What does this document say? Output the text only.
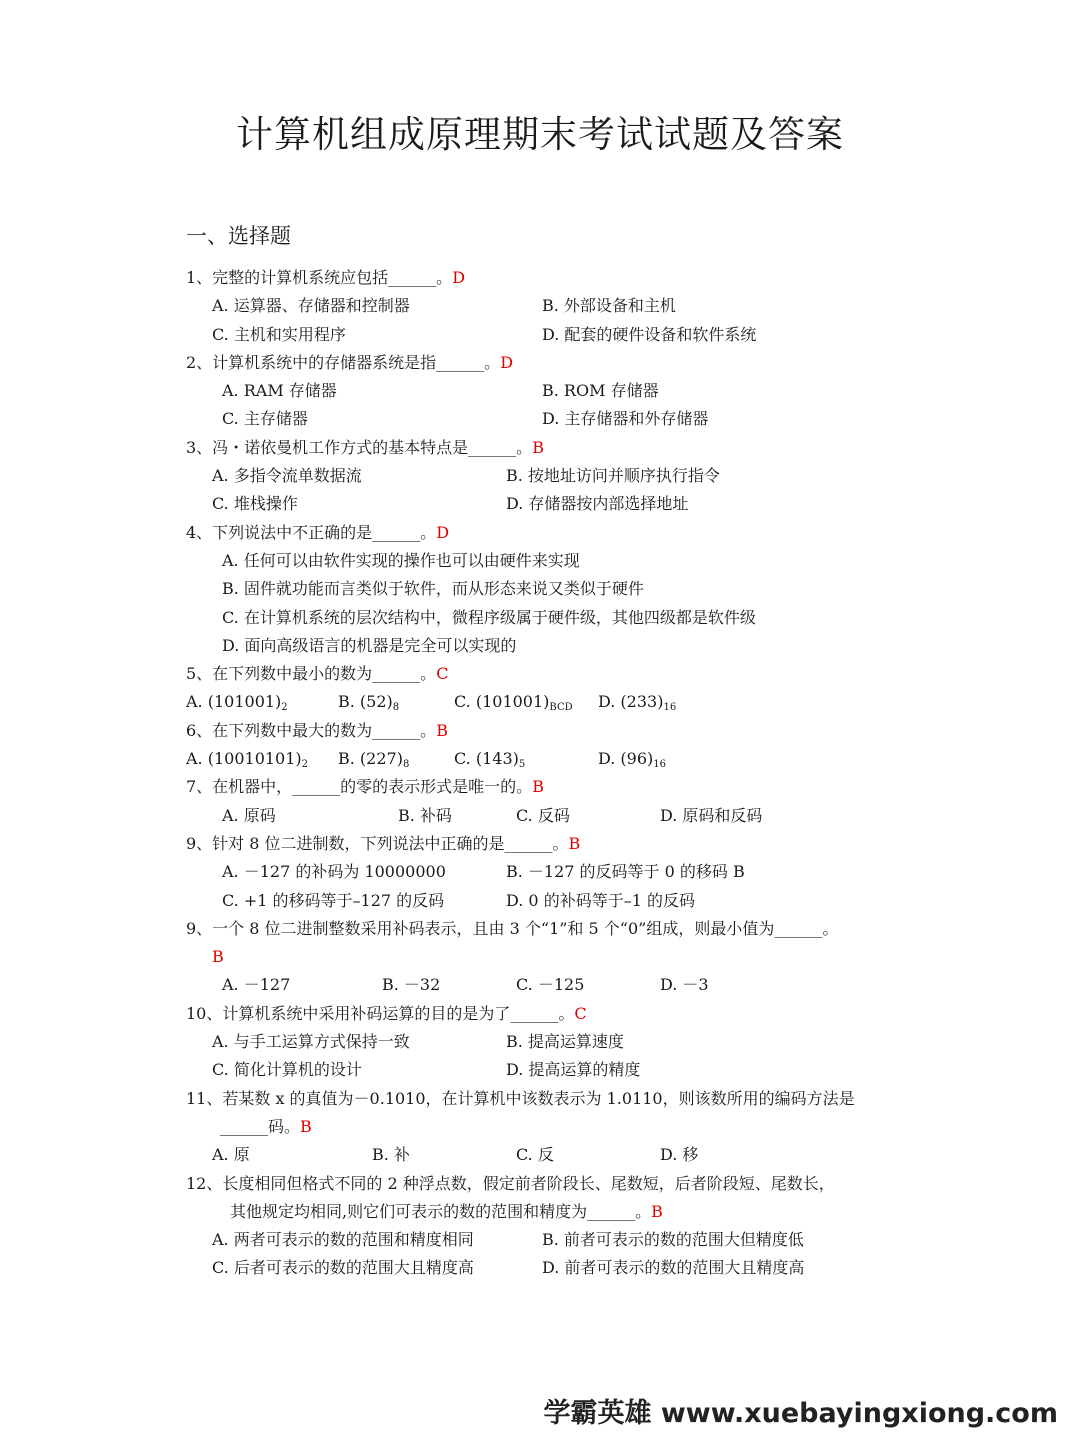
计算机组成原理期末考试试题及答案
一、选择题
1、完整的计算机系统应包括______。D
A. 运算器、存储器和控制器	B. 外部设备和主机
C. 主机和实用程序	D. 配套的硬件设备和软件系统
2、计算机系统中的存储器系统是指______。D
A. RAM 存储器	B. ROM 存储器
C. 主存储器	D. 主存储器和外存储器
3、冯・诺依曼机工作方式的基本特点是______。B
A. 多指令流单数据流	B. 按地址访问并顺序执行指令
C. 堆栈操作	D. 存储器按内部选择地址
4、下列说法中不正确的是______。D
A. 任何可以由软件实现的操作也可以由硬件来实现
B. 固件就功能而言类似于软件，而从形态来说又类似于硬件
C. 在计算机系统的层次结构中，微程序级属于硬件级，其他四级都是软件级
D. 面向高级语言的机器是完全可以实现的
5、在下列数中最小的数为______。C
A. $(101001)_2$	B. $(52)_8$	C. $(101001)_{BCD}$ D. $(233)_{16}$
6、在下列数中最大的数为______。B
A. $(10010101)_2$ B. $(227)_8$	C. $(143)_5$	D. $(96)_{16}$
7、在机器中，______的零的表示形式是唯一的。B
A. 原码	B. 补码	C. 反码	D. 原码和反码
9、针对 8 位二进制数，下列说法中正确的是______。B
A. －127 的补码为 10000000	B. －127 的反码等于 0 的移码 B
C. +1 的移码等于–127 的反码	D. 0 的补码等于–1 的反码
9、一个 8 位二进制整数采用补码表示，且由 3 个“1”和 5 个“0”组成，则最小值为______。
B
A. －127	B. －32	C. －125	D. －3
10、计算机系统中采用补码运算的目的是为了______。C
A. 与手工运算方式保持一致	B. 提高运算速度
C. 简化计算机的设计	D. 提高运算的精度
11、若某数 x 的真值为－0.1010，在计算机中该数表示为 1.0110，则该数所用的编码方法是
______码。B
A. 原	B. 补	C. 反	D. 移
12、长度相同但格式不同的 2 种浮点数，假定前者阶段长、尾数短，后者阶段短、尾数长，
其他规定均相同,则它们可表示的数的范围和精度为______。B
A. 两者可表示的数的范围和精度相同	B. 前者可表示的数的范围大但精度低
C. 后者可表示的数的范围大且精度高	D. 前者可表示的数的范围大且精度高
学霸英雄 www.xuebayingxiong.com
